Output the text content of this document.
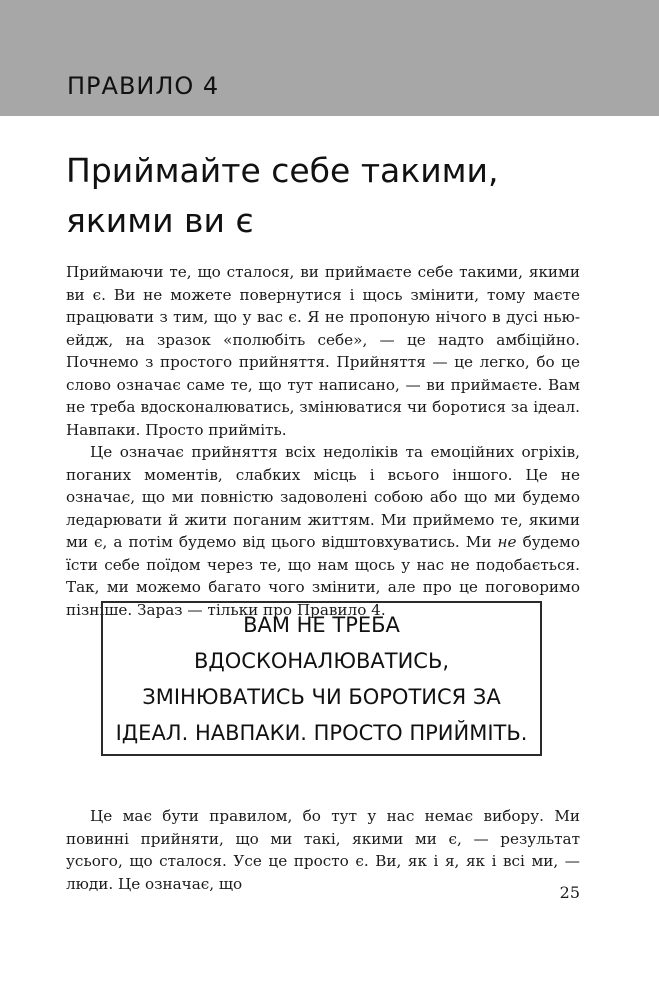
ПРАВИЛО 4
Приймайте себе такими,
якими ви є

Приймаючи те, що сталося, ви приймаєте себе такими, якими ви є. Ви не можете повернутися і щось змінити, тому маєте працювати з тим, що у вас є. Я не пропоную нічого в дусі нью-ейдж, на зразок «полюбіть себе», — це надто амбіційно. Почнемо з простого прийняття. Прийняття — це легко, бо це слово означає саме те, що тут написано, — ви приймаєте. Вам не треба вдосконалюватись, змінюватися чи боротися за ідеал. Навпаки. Просто прийміть.

Це означає прийняття всіх недоліків та емоційних огріхів, поганих моментів, слабких місць і всього іншого. Це не означає, що ми повністю задоволені собою або що ми будемо ледарювати й жити поганим життям. Ми приймемо те, якими ми є, а потім будемо від цього відштовхуватись. Ми не будемо їсти себе поїдом через те, що нам щось у нас не подобається. Так, ми можемо багато чого змінити, але про це поговоримо пізніше. Зараз — тільки про Правило 4.

ВАМ НЕ ТРЕБА ВДОСКОНАЛЮВАТИСЬ,
ЗМІНЮВАТИСЬ ЧИ БОРОТИСЯ ЗА
ІДЕАЛ. НАВПАКИ. ПРОСТО ПРИЙМІТЬ.

Це має бути правилом, бо тут у нас немає вибору. Ми повинні прийняти, що ми такі, якими ми є, — результат усього, що сталося. Усе це просто є. Ви, як і я, як і всі ми, — люди. Це означає, що	25
